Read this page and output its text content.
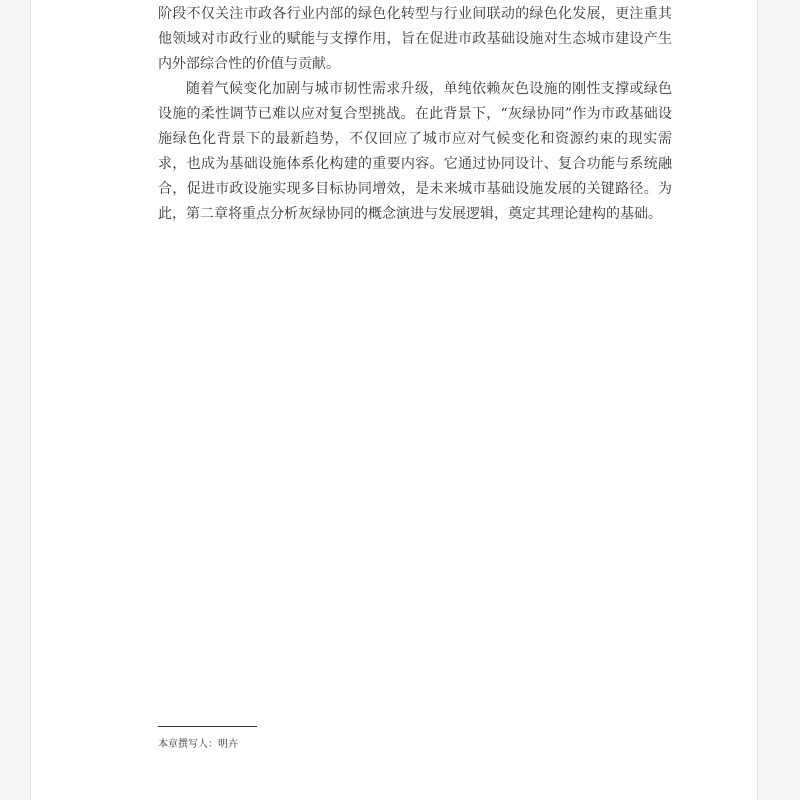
阶段不仅关注市政各行业内部的绿色化转型与行业间联动的绿色化发展，更注重其他领域对市政行业的赋能与支撑作用，旨在促进市政基础设施对生态城市建设产生内外部综合性的价值与贡献。

随着气候变化加剧与城市韧性需求升级，单纯依赖灰色设施的刚性支撑或绿色设施的柔性调节已难以应对复合型挑战。在此背景下，“灰绿协同”作为市政基础设施绿色化背景下的最新趋势，不仅回应了城市应对气候变化和资源约束的现实需求，也成为基础设施体系化构建的重要内容。它通过协同设计、复合功能与系统融合，促进市政设施实现多目标协同增效，是未来城市基础设施发展的关键路径。为此，第二章将重点分析灰绿协同的概念演进与发展逻辑，奠定其理论建构的基础。

本章撰写人：明卉
